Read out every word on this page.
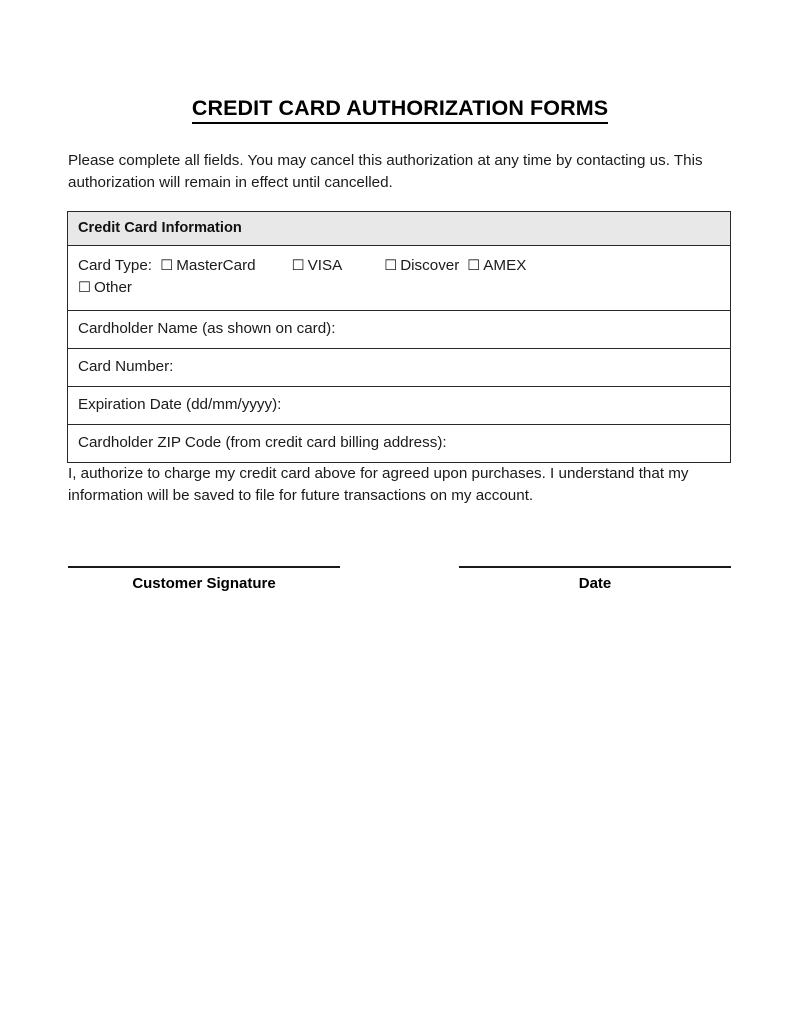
CREDIT CARD AUTHORIZATION FORMS
Please complete all fields. You may cancel this authorization at any time by contacting us. This authorization will remain in effect until cancelled.
Credit Card Information
Card Type: ☐ MasterCard ☐ VISA	☐ Discover ☐ AMEX
☐ Other
Cardholder Name (as shown on card):
Card Number:
Expiration Date (dd/mm/yyyy):
Cardholder ZIP Code (from credit card billing address):
I, authorize to charge my credit card above for agreed upon purchases. I understand that my information will be saved to file for future transactions on my account.
Customer Signature	Date
